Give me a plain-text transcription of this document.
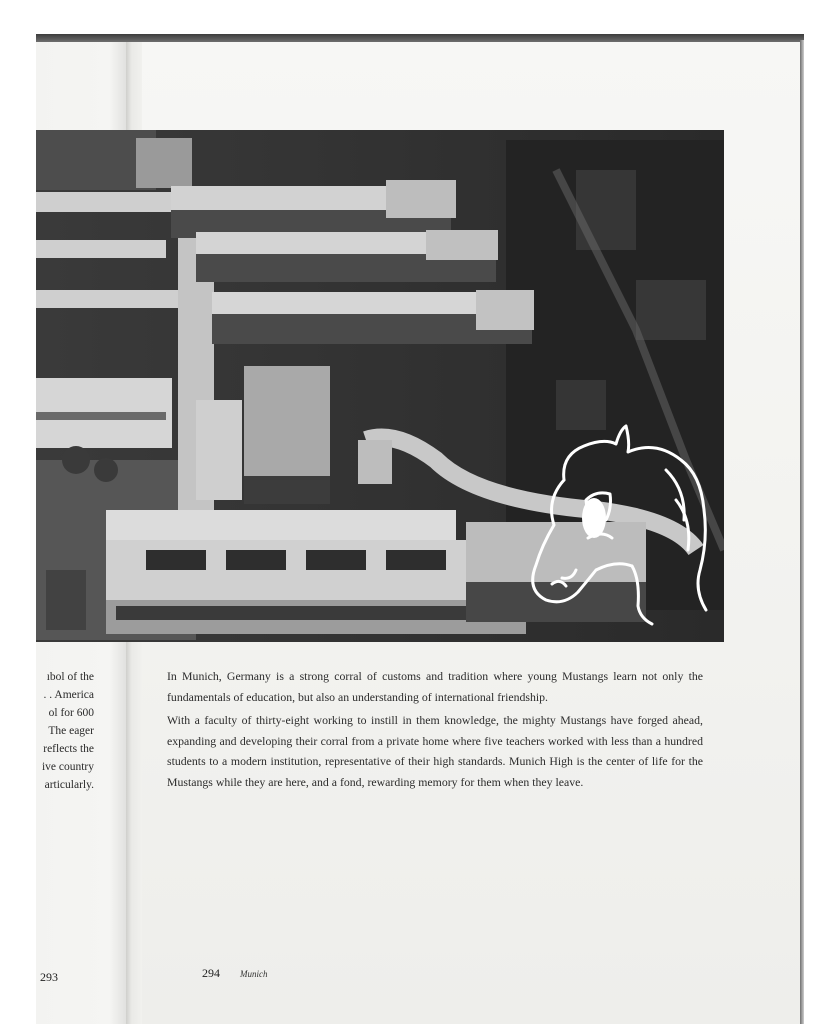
ıbol of the
. . America
ol for 600
The eager
reflects the
ive country
articularly.

In Munich, Germany is a strong corral of customs and tradition where young Mustangs learn not only the fundamentals of education, but also an understanding of international friendship.

With a faculty of thirty-eight working to instill in them knowledge, the mighty Mustangs have forged ahead, expanding and developing their corral from a private home where five teachers worked with less than a hundred students to a modern institution, representative of their high standards. Munich High is the center of life for the Mustangs while they are here, and a fond, rewarding memory for them when they leave.

293	294 Munich
